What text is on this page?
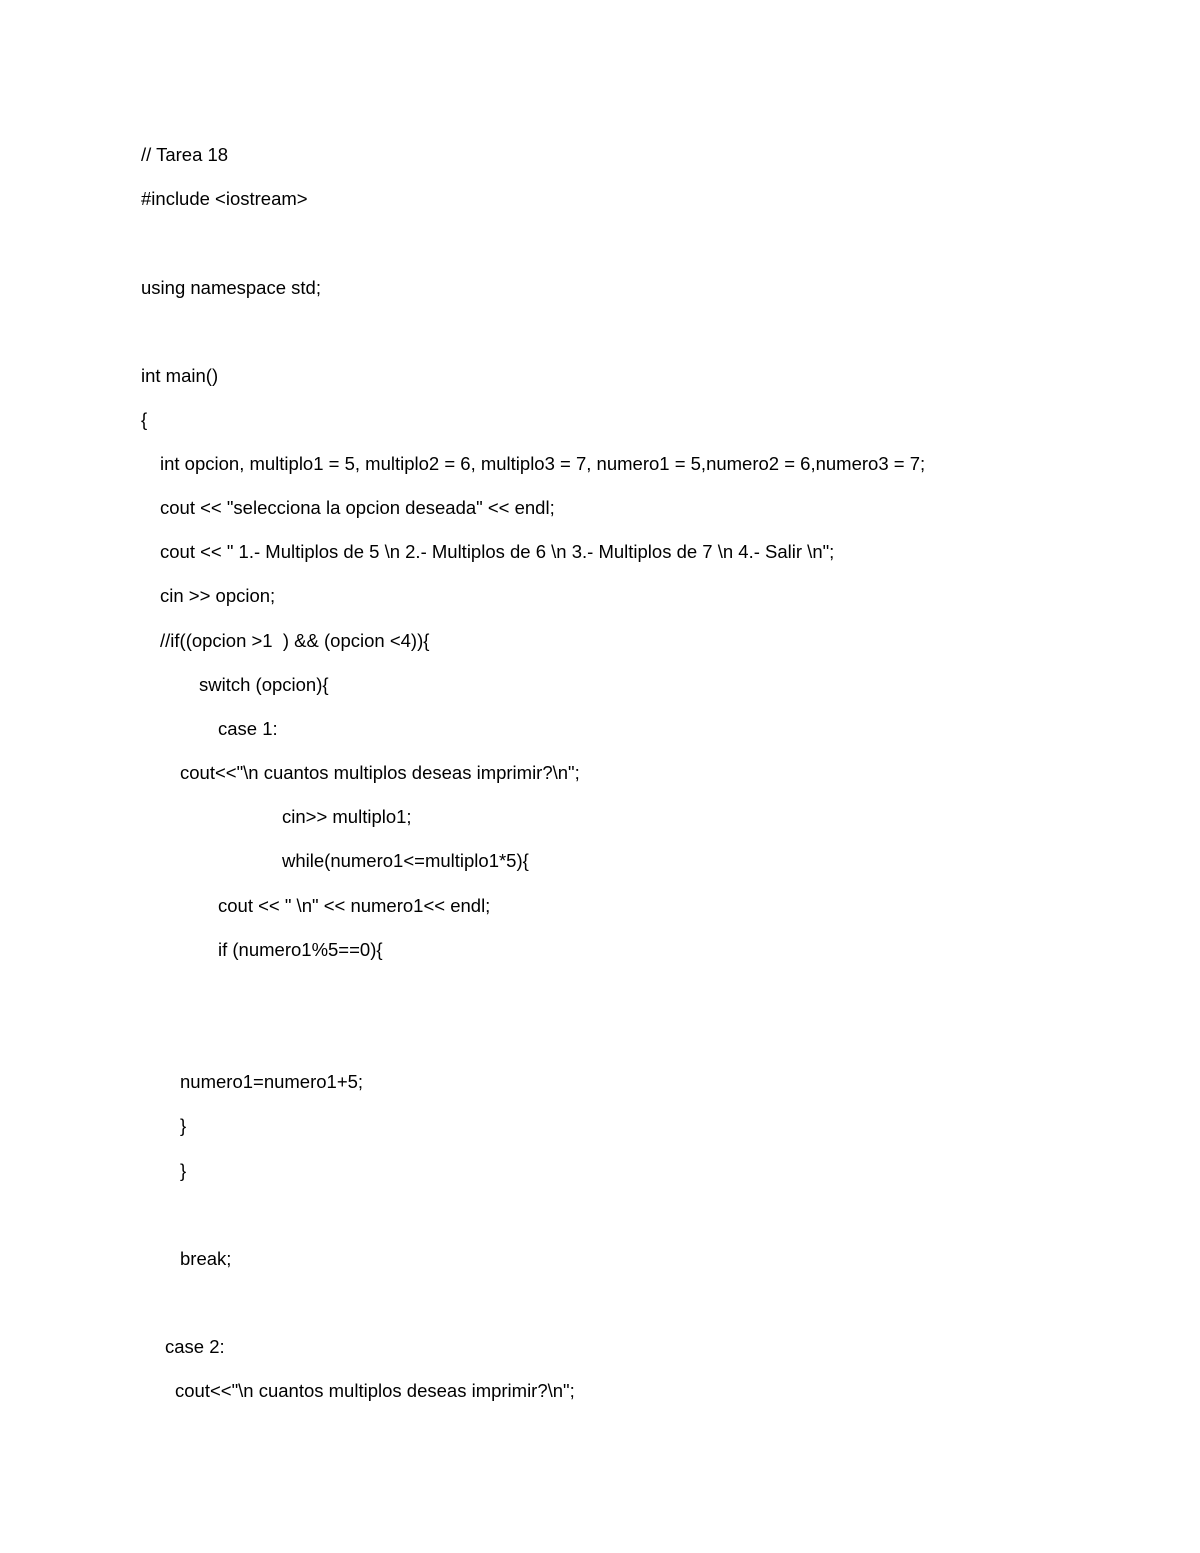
// Tarea 18

#include <iostream>

using namespace std;

int main()

{

int opcion, multiplo1 = 5, multiplo2 = 6, multiplo3 = 7, numero1 = 5,numero2 = 6,numero3 = 7;

cout << "selecciona la opcion deseada" << endl;

cout << " 1.- Multiplos de 5 \n 2.- Multiplos de 6 \n 3.- Multiplos de 7 \n 4.- Salir \n";

cin >> opcion;

//if((opcion >1  ) && (opcion <4)){

switch (opcion){

case 1:

cout<<"\n cuantos multiplos deseas imprimir?\n";

cin>> multiplo1;

while(numero1<=multiplo1*5){

cout << " \n" << numero1<< endl;

if (numero1%5==0){

numero1=numero1+5;

}

}

break;

case 2:

cout<<"\n cuantos multiplos deseas imprimir?\n";
